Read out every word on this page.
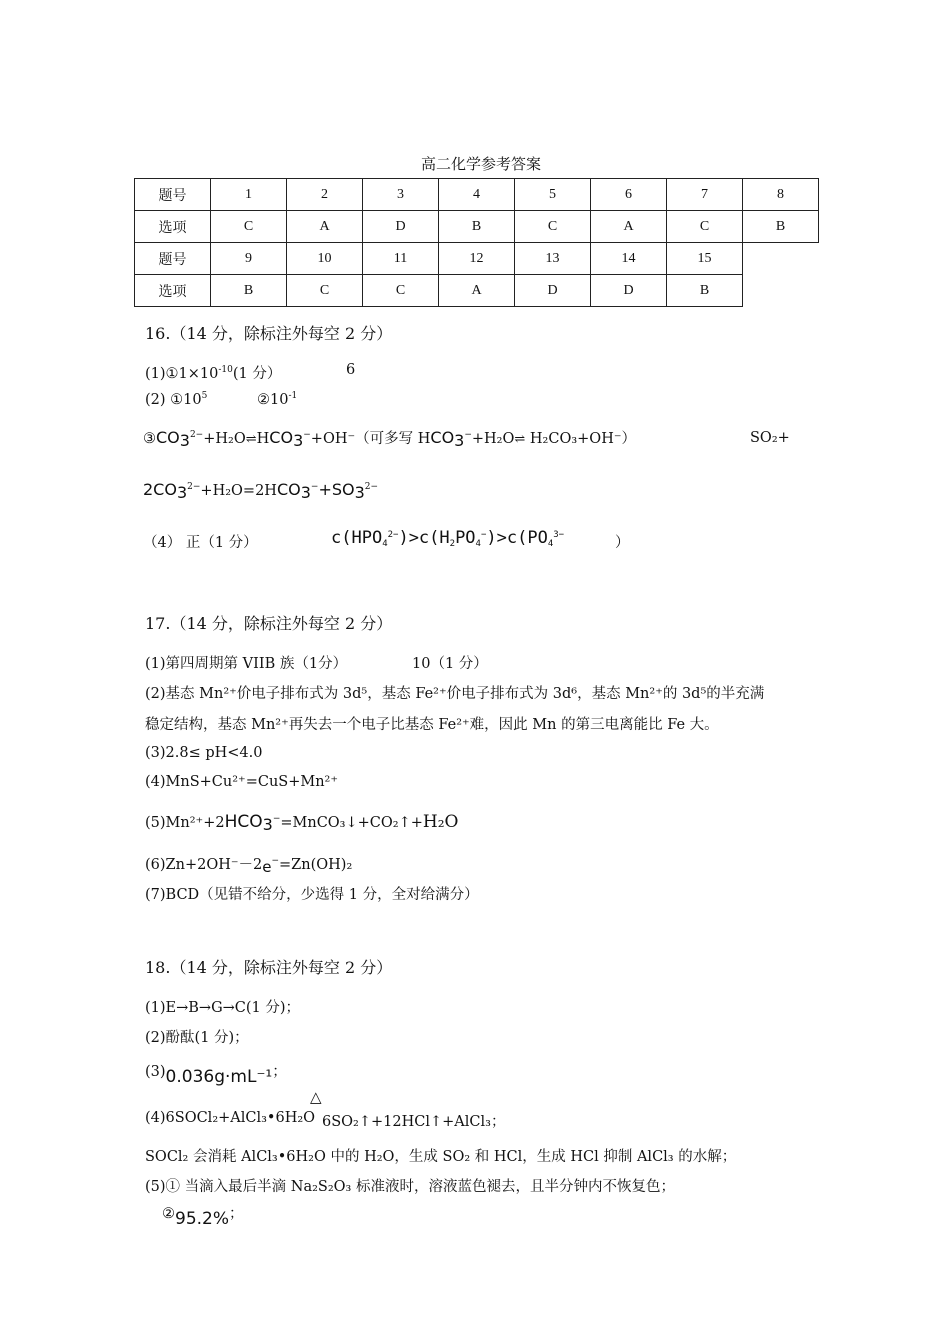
高二化学参考答案
题号	1	2	3	4	5	6	7	8
选项	C	A	D	B	C	A	C	B
题号	9	10	11	12	13	14	15	
选项	B	C	C	A	D	D	B	
16.（14 分，除标注外每空 2 分）
$(1)①1\times 10^{-10}(1$ 分）	6
(2) $①10^5$	$②10^{-1}$
$③CO_3^{2-}+H_2O\rightleftharpoons HCO_3^-+OH^-$（可多写 $HCO_3^-+H_2O\rightleftharpoons$ H₂CO₃+OH⁻）	SO₂+
$2CO_3^{2-}+H_2O=2HCO_3^-+SO_3^{2-}$
（4） 正（1 分）	$c(HPO_4^{2-})>c(H_2PO_4^-)>c(PO_4^{3-}$	）
17.（14 分，除标注外每空 2 分）
(1)第四周期第 VIIB 族（1分）	10（1 分）
(2)基态 Mn²⁺价电子排布式为 3d⁵，基态 Fe²⁺价电子排布式为 3d⁶，基态 Mn²⁺的 3d⁵的半充满
稳定结构，基态 Mn²⁺再失去一个电子比基态 Fe²⁺难，因此 Mn 的第三电离能比 Fe 大。
(3)2.8≤ pH<4.0
(4)MnS+Cu²⁺=CuS+Mn²⁺
$(5)Mn^{2+}+2HCO_3^-=MnCO_3↓+CO_2↑+H_2O$
(6)Zn+2OH⁻－2e−=Zn(OH)₂
(7)BCD（见错不给分，少选得 1 分，全对给满分）
18.（14 分，除标注外每空 2 分）
(1)E→B→G→C(1 分)；
(2)酚酞(1 分)；
(3)0.036g·mL⁻¹；
△
(4)6SOCl₂+AlCl₃•6H₂O 6SO₂↑+12HCl↑+AlCl₃；
SOCl₂ 会消耗 AlCl₃•6H₂O 中的 H₂O，生成 SO₂ 和 HCl，生成 HCl 抑制 AlCl₃ 的水解；
(5)① 当滴入最后半滴 Na₂S₂O₃ 标准液时，溶液蓝色褪去，且半分钟内不恢复色；
②95.2%；
